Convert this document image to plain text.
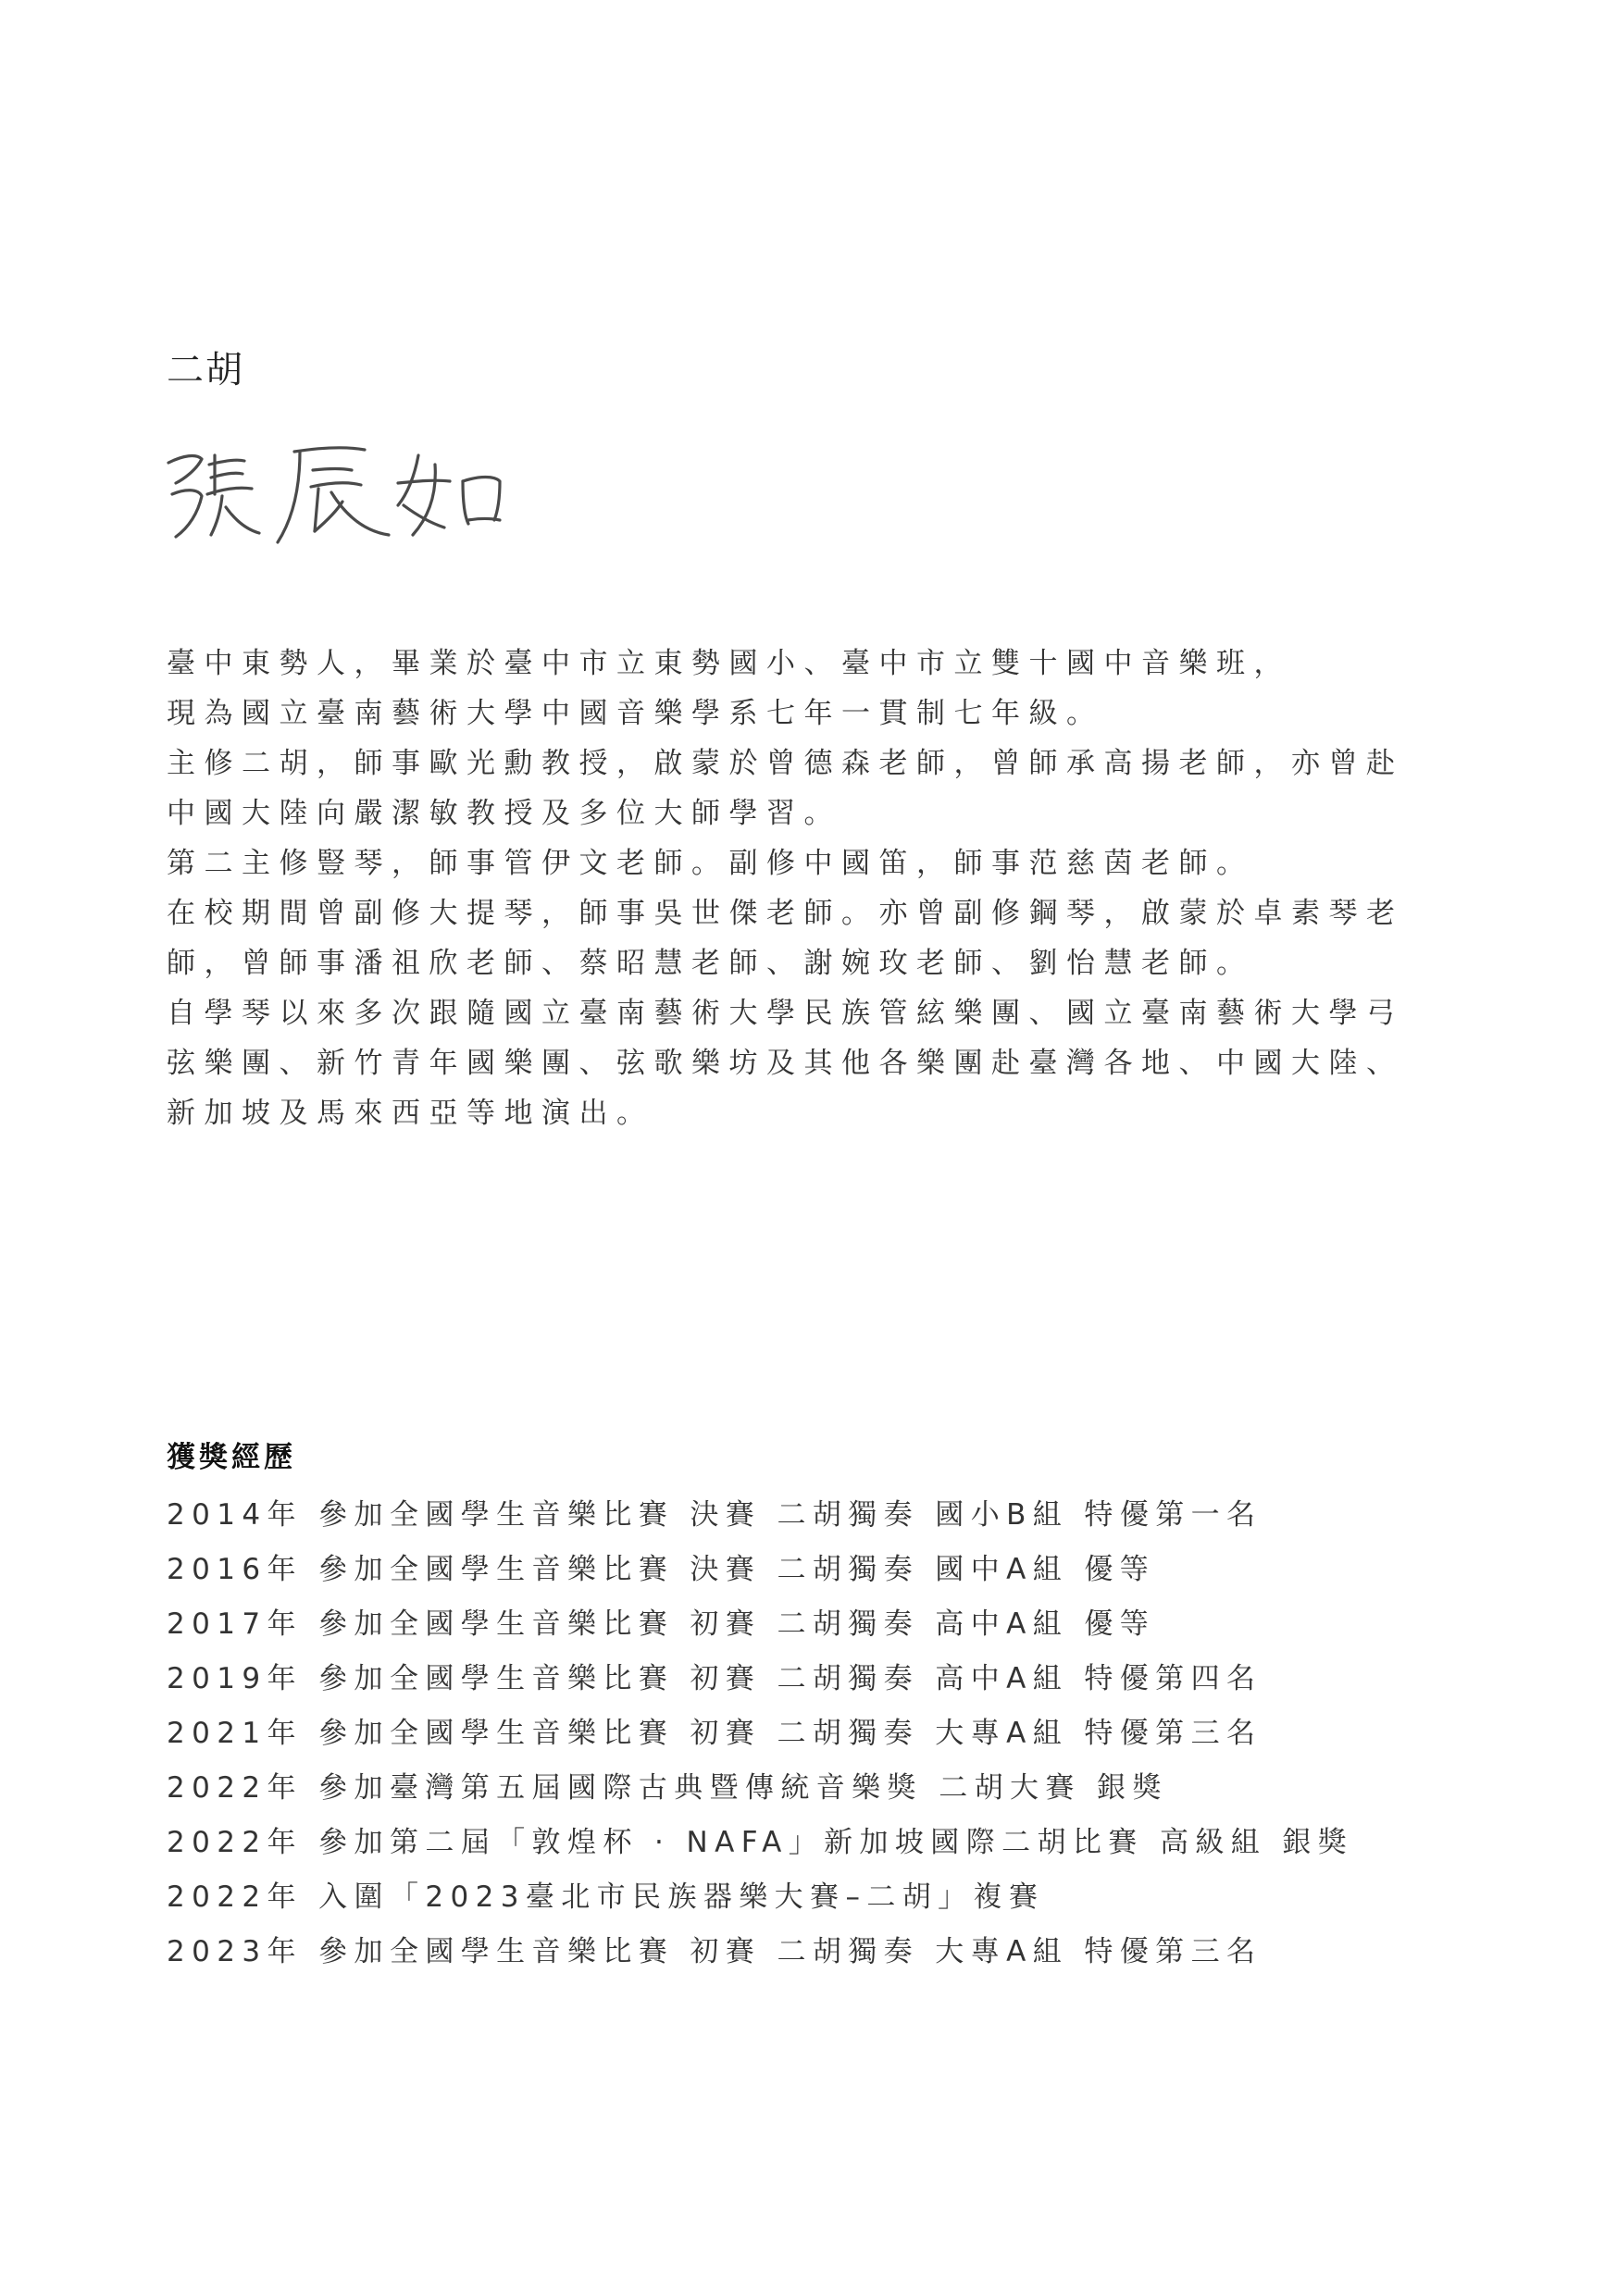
二胡
臺中東勢人，畢業於臺中市立東勢國小、臺中市立雙十國中音樂班，
現為國立臺南藝術大學中國音樂學系七年一貫制七年級。
主修二胡，師事歐光勳教授，啟蒙於曾德森老師，曾師承高揚老師，亦曾赴
中國大陸向嚴潔敏教授及多位大師學習。
第二主修豎琴，師事管伊文老師。副修中國笛，師事范慈茵老師。
在校期間曾副修大提琴，師事吳世傑老師。亦曾副修鋼琴，啟蒙於卓素琴老
師，曾師事潘祖欣老師、蔡昭慧老師、謝婉玫老師、劉怡慧老師。
自學琴以來多次跟隨國立臺南藝術大學民族管絃樂團、國立臺南藝術大學弓
弦樂團、新竹青年國樂團、弦歌樂坊及其他各樂團赴臺灣各地、中國大陸、
新加坡及馬來西亞等地演出。
獲獎經歷
2014年 參加全國學生音樂比賽 決賽 二胡獨奏 國小B組 特優第一名
2016年 參加全國學生音樂比賽 決賽 二胡獨奏 國中A組 優等
2017年 參加全國學生音樂比賽 初賽 二胡獨奏 高中A組 優等
2019年 參加全國學生音樂比賽 初賽 二胡獨奏 高中A組 特優第四名
2021年 參加全國學生音樂比賽 初賽 二胡獨奏 大專A組 特優第三名
2022年 參加臺灣第五屆國際古典暨傳統音樂獎 二胡大賽 銀獎
2022年 參加第二屆「敦煌杯 · NAFA」新加坡國際二胡比賽 高級組 銀獎
2022年 入圍「2023臺北市民族器樂大賽–二胡」複賽
2023年 參加全國學生音樂比賽 初賽 二胡獨奏 大專A組 特優第三名
